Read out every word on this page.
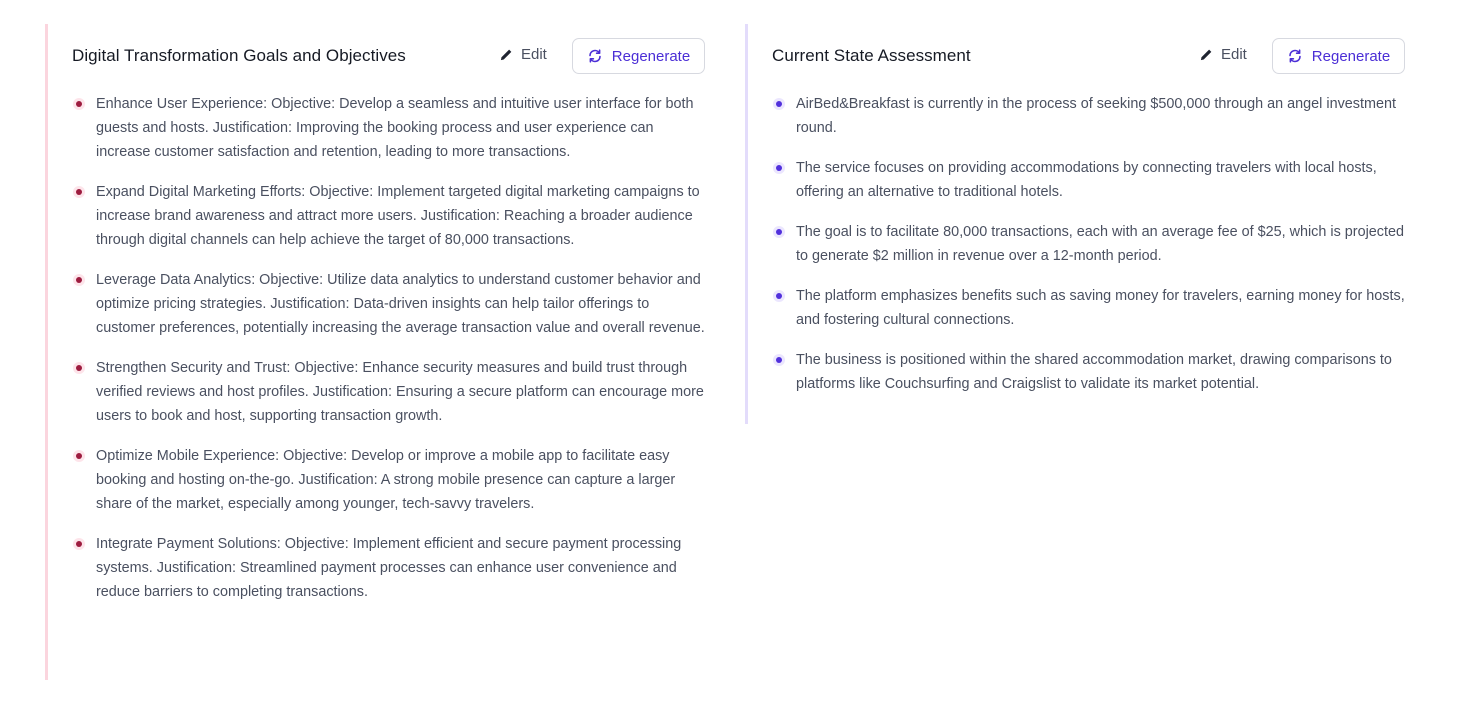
Digital Transformation Goals and Objectives	Edit	Regenerate
Enhance User Experience: Objective: Develop a seamless and intuitive user interface for both guests and hosts. Justification: Improving the booking process and user experience can increase customer satisfaction and retention, leading to more transactions.
Expand Digital Marketing Efforts: Objective: Implement targeted digital marketing campaigns to increase brand awareness and attract more users. Justification: Reaching a broader audience through digital channels can help achieve the target of 80,000 transactions.
Leverage Data Analytics: Objective: Utilize data analytics to understand customer behavior and optimize pricing strategies. Justification: Data-driven insights can help tailor offerings to customer preferences, potentially increasing the average transaction value and overall revenue.
Strengthen Security and Trust: Objective: Enhance security measures and build trust through verified reviews and host profiles. Justification: Ensuring a secure platform can encourage more users to book and host, supporting transaction growth.
Optimize Mobile Experience: Objective: Develop or improve a mobile app to facilitate easy booking and hosting on-the-go. Justification: A strong mobile presence can capture a larger share of the market, especially among younger, tech-savvy travelers.
Integrate Payment Solutions: Objective: Implement efficient and secure payment processing systems. Justification: Streamlined payment processes can enhance user convenience and reduce barriers to completing transactions.
Current State Assessment	Edit	Regenerate
AirBed&Breakfast is currently in the process of seeking $500,000 through an angel investment round.
The service focuses on providing accommodations by connecting travelers with local hosts, offering an alternative to traditional hotels.
The goal is to facilitate 80,000 transactions, each with an average fee of $25, which is projected to generate $2 million in revenue over a 12-month period.
The platform emphasizes benefits such as saving money for travelers, earning money for hosts, and fostering cultural connections.
The business is positioned within the shared accommodation market, drawing comparisons to platforms like Couchsurfing and Craigslist to validate its market potential.
